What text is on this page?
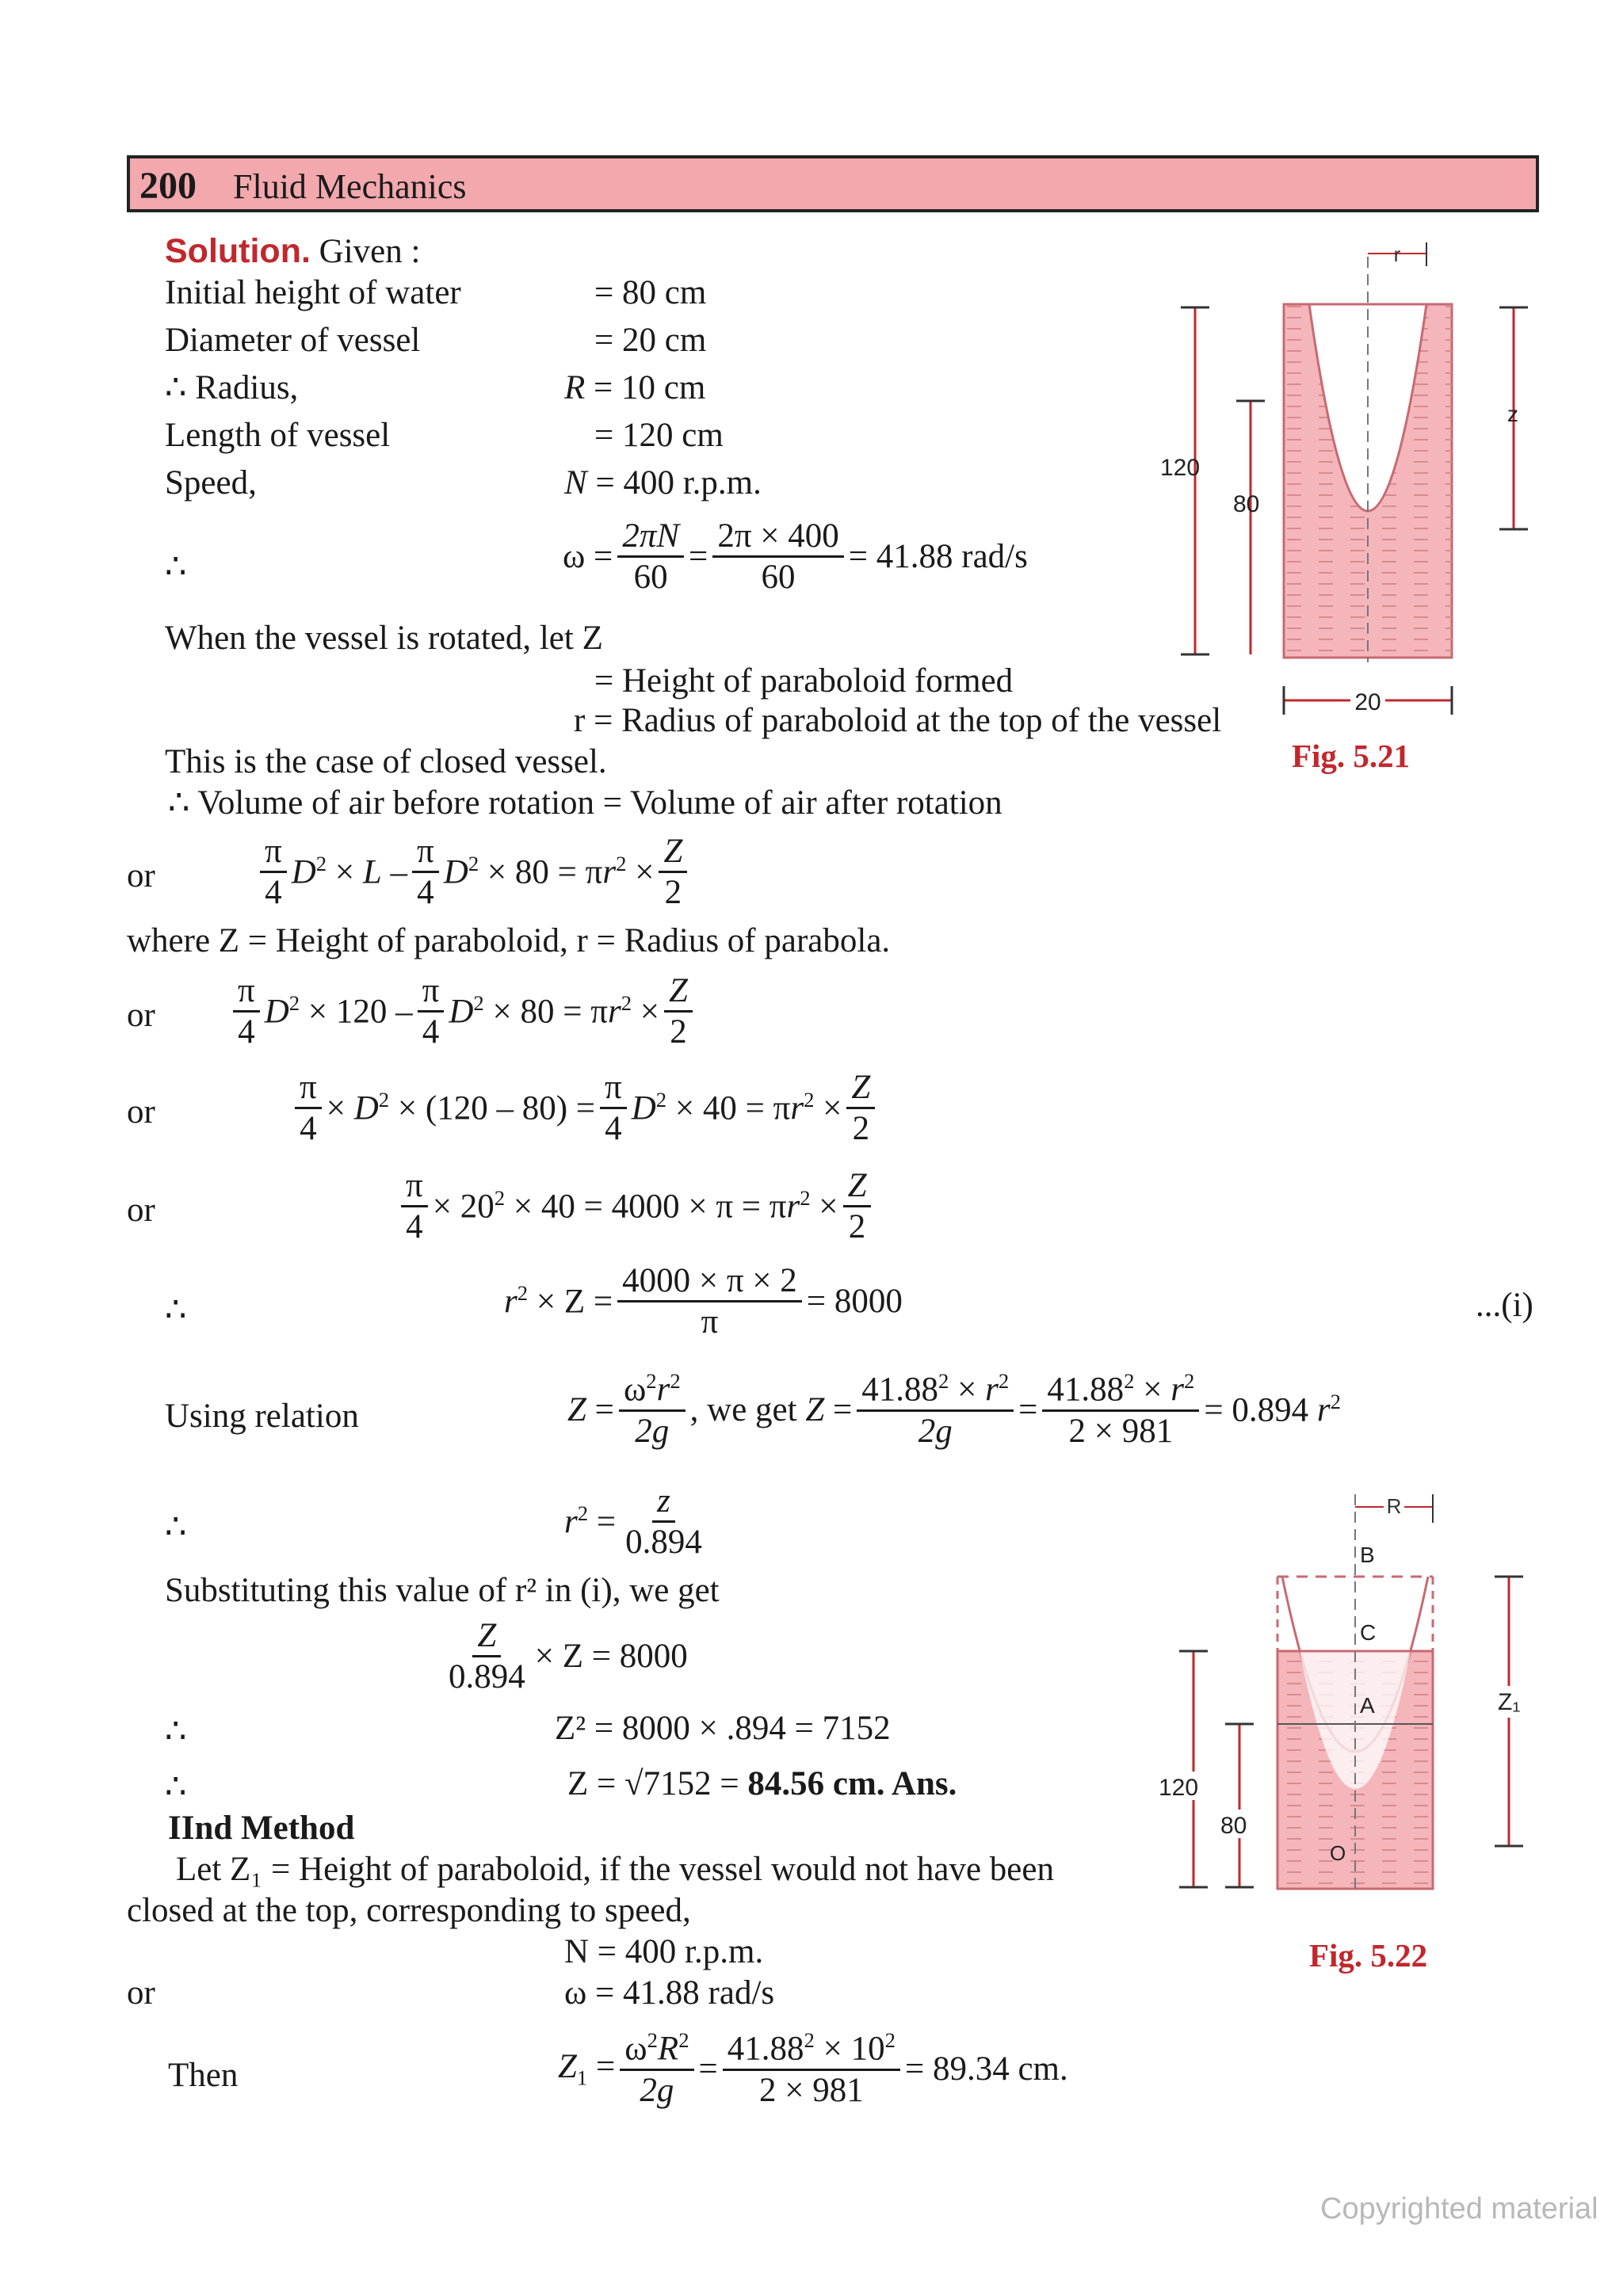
200 Fluid Mechanics
Solution. Given :
Initial height of water	= 80 cm
Diameter of vessel	= 20 cm
∴ Radius,	R = 10 cm
Length of vessel	= 120 cm
Speed,	N = 400 r.p.m.
∴	$\omega = \frac{2\pi N}{60} = \frac{2\pi \times 400}{60} = 41.88$ rad/s
When the vessel is rotated, let Z
= Height of paraboloid formed
r = Radius of paraboloid at the top of the vessel
This is the case of closed vessel.
∴ Volume of air before rotation = Volume of air after rotation
or	$\frac{\pi}{4} D^2 \times L - \frac{\pi}{4} D^2 \times 80 = \pi r^2 \times \frac{Z}{2}$
where Z = Height of paraboloid, r = Radius of parabola.
or $\frac{\pi}{4} D^2 \times 120 - \frac{\pi}{4} D^2 \times 80 = \pi r^2 \times \frac{Z}{2}$
or	$\frac{\pi}{4} \times D^2 \times (120 - 80) = \frac{\pi}{4} D^2 \times 40 = \pi r^2 \times \frac{Z}{2}$
or	$\frac{\pi}{4} \times 20^2 \times 40 = 4000 \times \pi = \pi r^2 \times \frac{Z}{2}$
∴	$r^2 \times Z = \frac{4000 \times \pi \times 2}{\pi} = 8000$	...(i)
Using relation	$Z = \frac{\omega^2r^2}{2g}$ , we get $Z = \frac{41.88^2 \times r^2}{2g} = \frac{41.88^2 \times r^2}{2 \times 981} = 0.894$ $r^2$
∴	$r^2 = \frac{z}{0.894}$
Substituting this value of r² in (i), we get
$\frac{Z}{0.894} \times Z = 8000$
∴	Z² = 8000 × .894 = 7152
∴	Z = √7152 = 84.56 cm. Ans.
IInd Method
Let Z₁ = Height of paraboloid, if the vessel would not have been
closed at the top, corresponding to speed,
N = 400 r.p.m.
or	ω = 41.88 rad/s
Then	$Z_1 = \frac{\omega^2R^2}{2g} = \frac{41.88^2 \times 10^2}{2 \times 981} = 89.34$ cm.
r
120
80
z
20
Fig. 5.21
R
B
C
A
O
120
80
Z₁
Fig. 5.22
Copyrighted material
